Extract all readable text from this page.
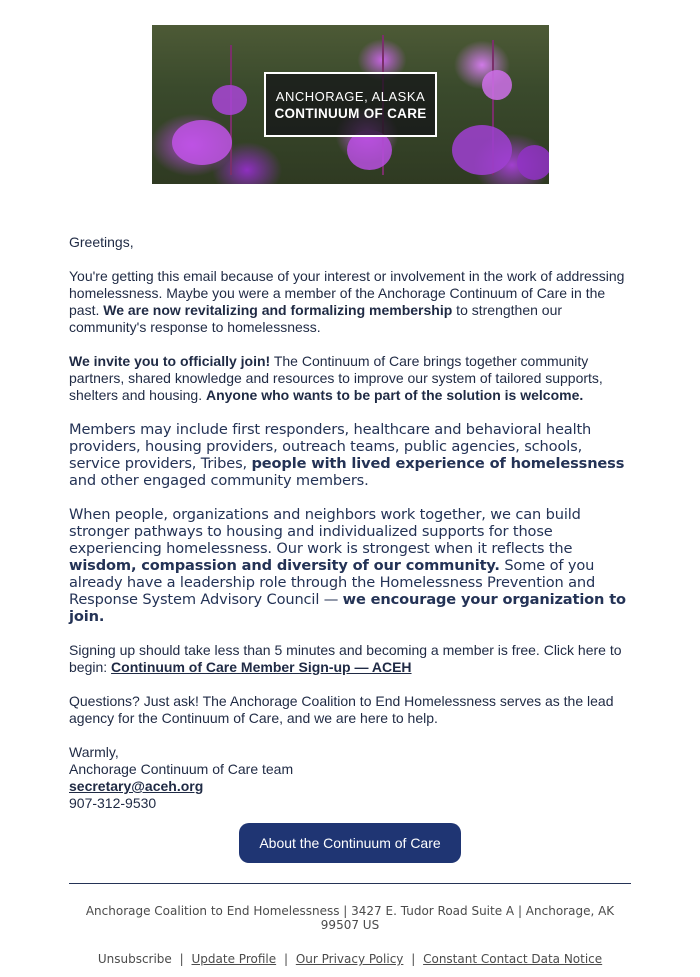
ANCHORAGE, ALASKA
CONTINUUM OF CARE

Greetings,

You're getting this email because of your interest or involvement in the work of addressing homelessness. Maybe you were a member of the Anchorage Continuum of Care in the past. We are now revitalizing and formalizing membership to strengthen our community's response to homelessness.

We invite you to officially join! The Continuum of Care brings together community partners, shared knowledge and resources to improve our system of tailored supports, shelters and housing. Anyone who wants to be part of the solution is welcome.

Members may include first responders, healthcare and behavioral health providers, housing providers, outreach teams, public agencies, schools, service providers, Tribes, people with lived experience of homelessness and other engaged community members.

When people, organizations and neighbors work together, we can build stronger pathways to housing and individualized supports for those experiencing homelessness. Our work is strongest when it reflects the wisdom, compassion and diversity of our community. Some of you already have a leadership role through the Homelessness Prevention and Response System Advisory Council — we encourage your organization to join.

Signing up should take less than 5 minutes and becoming a member is free. Click here to begin: Continuum of Care Member Sign-up — ACEH

Questions? Just ask! The Anchorage Coalition to End Homelessness serves as the lead agency for the Continuum of Care, and we are here to help.

Warmly,
Anchorage Continuum of Care team
secretary@aceh.org
907-312-9530

About the Continuum of Care
Anchorage Coalition to End Homelessness | 3427 E. Tudor Road Suite A | Anchorage, AK 99507 US
Unsubscribe | Update Profile | Our Privacy Policy | Constant Contact Data Notice
